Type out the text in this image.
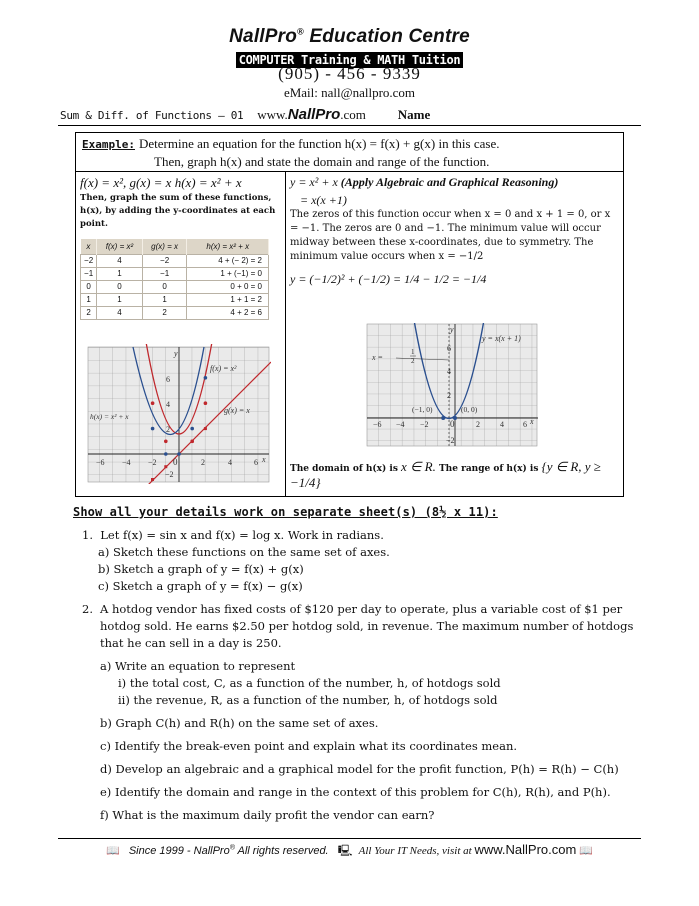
NallPro® Education Centre
COMPUTER Training & MATH Tuition
(905) - 456 - 9339
eMail: nall@nallpro.com
Sum & Diff. of Functions – 01 www.NallPro.com Name
Example: Determine an equation for the function h(x) = f(x) + g(x) in this case.
Then, graph h(x) and state the domain and range of the function.
f(x) = x², g(x) = x h(x) = x² + x
Then, graph the sum of these functions, h(x), by adding the y-coordinates at each point.
x	f(x) = x²	g(x) = x	h(x) = x² + x
−2	4	−2	4 + (− 2) = 2
−1	1	−1	1 + (−1) = 0
0	0	0	0 + 0 = 0
1	1	1	1 + 1 = 2
2	4	2	4 + 2 = 6
−6 −4 −2 0	2	4	6 x
6
4
2
−2
y
f(x) = x²
g(x) = x
h(x) = x² + x
y = x² + x (Apply Algebraic and Graphical Reasoning)
= x(x +1)
The zeros of this function occur when x = 0 and x + 1 = 0, or x = −1. The zeros are 0 and −1. The minimum value will occur midway between these x-coordinates, due to symmetry. The minimum value occurs when x = −1/2
y = (−1/2)² + (−1/2) = 1/4 − 1/2 = −1/4
−6 −4 −2 0	2	4 6 x
6
4
2
−2
y
y = x(x + 1)
x =
1
2
(−1, 0)	(0, 0)
The domain of h(x) is x ∈ R. The range of h(x) is {y ∈ R, y ≥ −1/4}
Show all your details work on separate sheet(s) (8½ x 11):
1. Let f(x) = sin x and f(x) = log x. Work in radians.
a) Sketch these functions on the same set of axes.
b) Sketch a graph of y = f(x) + g(x)
c) Sketch a graph of y = f(x) − g(x)
2. A hotdog vendor has fixed costs of $120 per day to operate, plus a variable cost of $1 per hotdog sold. He earns $2.50 per hotdog sold, in revenue. The maximum number of hotdogs that he can sell in a day is 250.
a) Write an equation to represent
i) the total cost, C, as a function of the number, h, of hotdogs sold
ii) the revenue, R, as a function of the number, h, of hotdogs sold
b) Graph C(h) and R(h) on the same set of axes.
c) Identify the break-even point and explain what its coordinates mean.
d) Develop an algebraic and a graphical model for the profit function, P(h) = R(h) − C(h)
e) Identify the domain and range in the context of this problem for C(h), R(h), and P(h).
f) What is the maximum daily profit the vendor can earn?
📖 Since 1999 - NallPro® All rights reserved. 🖳 All Your IT Needs, visit at www.NallPro.com 📖
